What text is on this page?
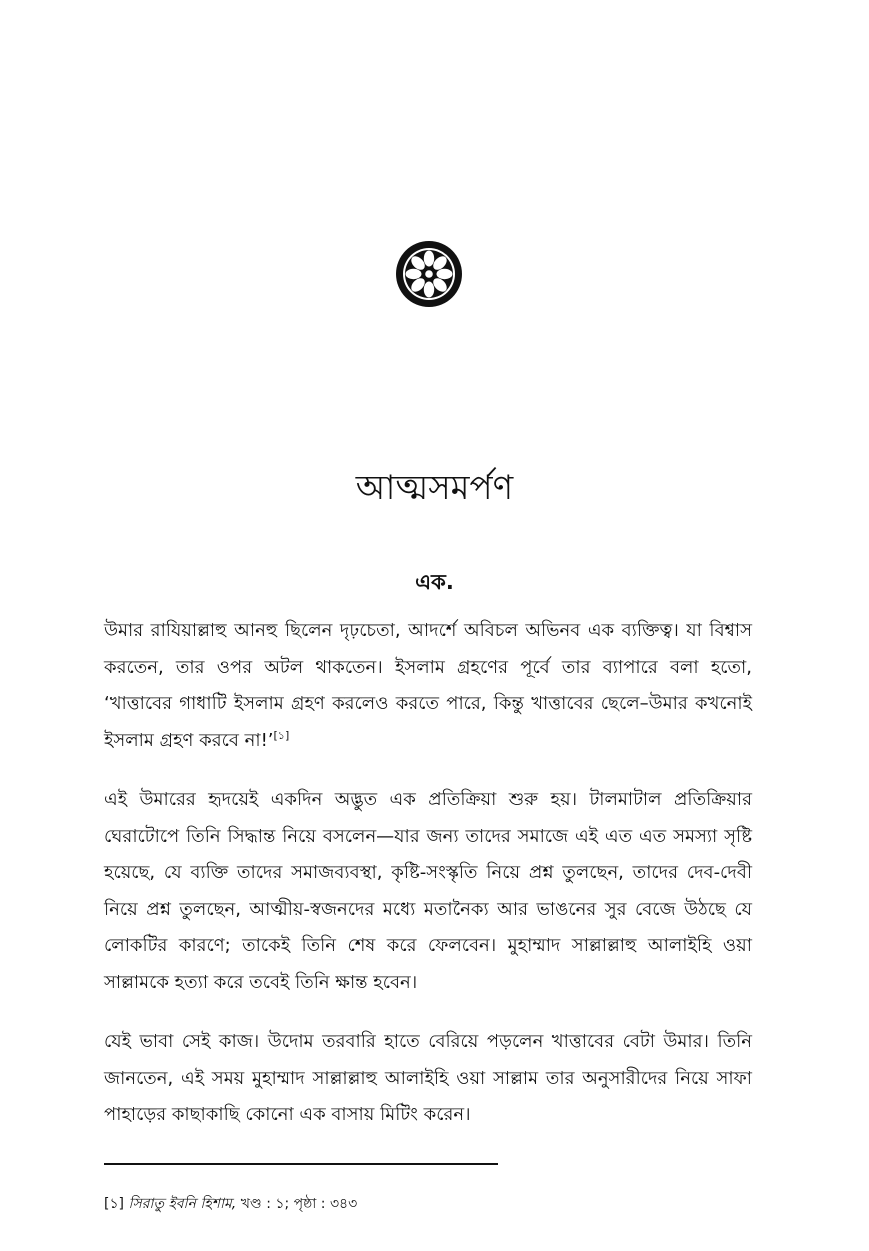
আত্মসমর্পণ
এক.

উমার রাযিয়াল্লাহু আনহু ছিলেন দৃঢ়চেতা, আদর্শে অবিচল অভিনব এক ব্যক্তিত্ব। যা বিশ্বাস করতেন, তার ওপর অটল থাকতেন। ইসলাম গ্রহণের পূর্বে তার ব্যাপারে বলা হতো, ‘খাত্তাবের গাধাটি ইসলাম গ্রহণ করলেও করতে পারে, কিন্তু খাত্তাবের ছেলে–উমার কখনোই ইসলাম গ্রহণ করবে না!’[১]

এই উমারের হৃদয়েই একদিন অদ্ভুত এক প্রতিক্রিয়া শুরু হয়। টালমাটাল প্রতিক্রিয়ার ঘেরাটোপে তিনি সিদ্ধান্ত নিয়ে বসলেন—যার জন্য তাদের সমাজে এই এত এত সমস্যা সৃষ্টি হয়েছে, যে ব্যক্তি তাদের সমাজব্যবস্থা, কৃষ্টি-সংস্কৃতি নিয়ে প্রশ্ন তুলছেন, তাদের দেব-দেবী নিয়ে প্রশ্ন তুলছেন, আত্মীয়-স্বজনদের মধ্যে মতানৈক্য আর ভাঙনের সুর বেজে উঠছে যে লোকটির কারণে; তাকেই তিনি শেষ করে ফেলবেন। মুহাম্মাদ সাল্লাল্লাহু আলাইহি ওয়া সাল্লামকে হত্যা করে তবেই তিনি ক্ষান্ত হবেন।

যেই ভাবা সেই কাজ। উদোম তরবারি হাতে বেরিয়ে পড়লেন খাত্তাবের বেটা উমার। তিনি জানতেন, এই সময় মুহাম্মাদ সাল্লাল্লাহু আলাইহি ওয়া সাল্লাম তার অনুসারীদের নিয়ে সাফা পাহাড়ের কাছাকাছি কোনো এক বাসায় মিটিং করেন।

[১] সিরাতু ইবনি হিশাম, খণ্ড : ১; পৃষ্ঠা : ৩৪৩
